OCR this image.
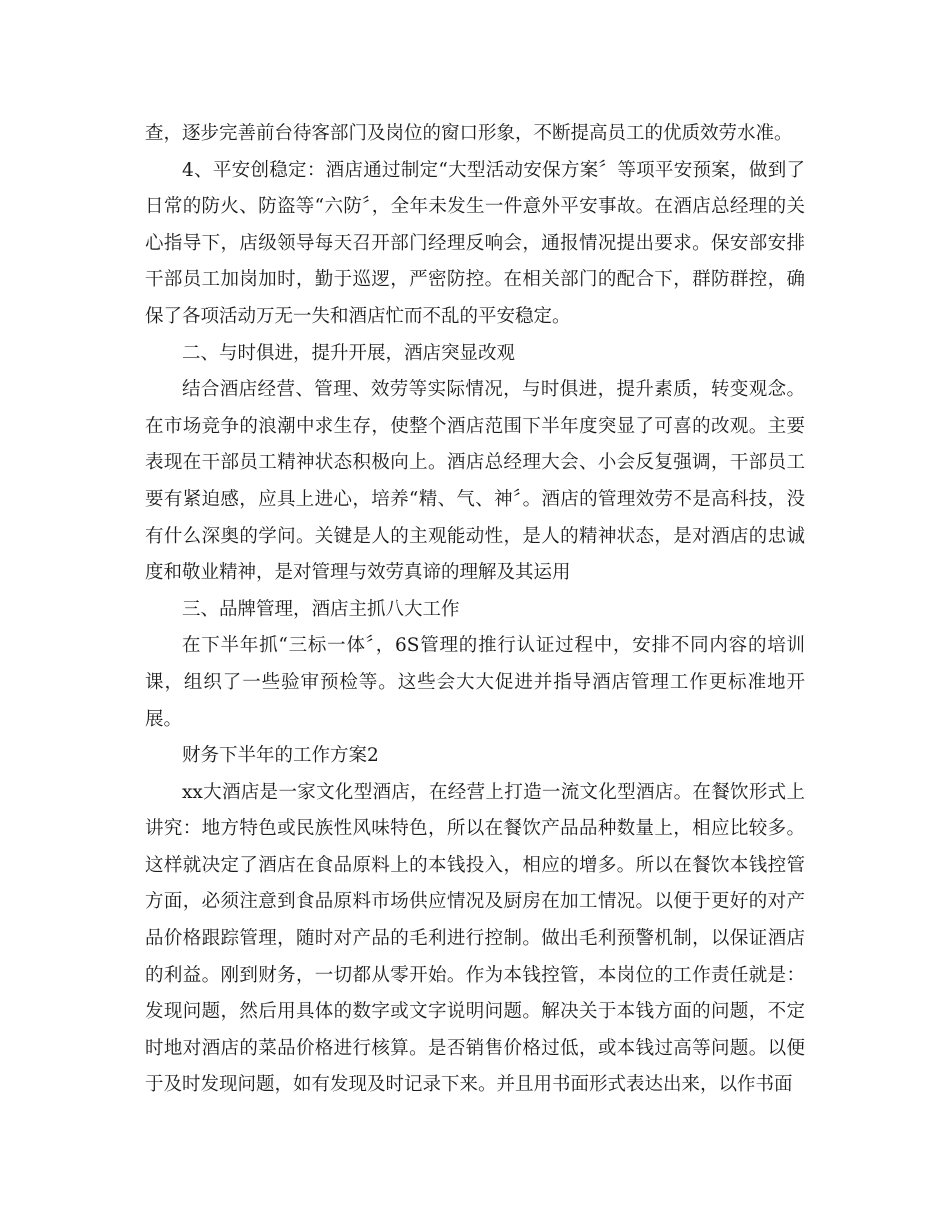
查，逐步完善前台待客部门及岗位的窗口形象，不断提高员工的优质效劳水准。

4、平安创稳定：酒店通过制定“大型活动安保方案〞等项平安预案，做到了日常的防火、防盗等“六防〞，全年未发生一件意外平安事故。在酒店总经理的关心指导下，店级领导每天召开部门经理反响会，通报情况提出要求。保安部安排干部员工加岗加时，勤于巡逻，严密防控。在相关部门的配合下，群防群控，确保了各项活动万无一失和酒店忙而不乱的平安稳定。

二、与时俱进，提升开展，酒店突显改观

结合酒店经营、管理、效劳等实际情况，与时俱进，提升素质，转变观念。在市场竞争的浪潮中求生存，使整个酒店范围下半年度突显了可喜的改观。主要表现在干部员工精神状态积极向上。酒店总经理大会、小会反复强调，干部员工要有紧迫感，应具上进心，培养“精、气、神〞。酒店的管理效劳不是高科技，没有什么深奥的学问。关键是人的主观能动性，是人的精神状态，是对酒店的忠诚度和敬业精神，是对管理与效劳真谛的理解及其运用

三、品牌管理，酒店主抓八大工作

在下半年抓“三标一体〞，6S管理的推行认证过程中，安排不同内容的培训课，组织了一些验审预检等。这些会大大促进并指导酒店管理工作更标准地开展。

财务下半年的工作方案2

xx大酒店是一家文化型酒店，在经营上打造一流文化型酒店。在餐饮形式上讲究：地方特色或民族性风味特色，所以在餐饮产品品种数量上，相应比较多。这样就决定了酒店在食品原料上的本钱投入，相应的增多。所以在餐饮本钱控管方面，必须注意到食品原料市场供应情况及厨房在加工情况。以便于更好的对产品价格跟踪管理，随时对产品的毛利进行控制。做出毛利预警机制，以保证酒店的利益。刚到财务，一切都从零开始。作为本钱控管，本岗位的工作责任就是：发现问题，然后用具体的数字或文字说明问题。解决关于本钱方面的问题，不定时地对酒店的菜品价格进行核算。是否销售价格过低，或本钱过高等问题。以便于及时发现问题，如有发现及时记录下来。并且用书面形式表达出来，以作书面
